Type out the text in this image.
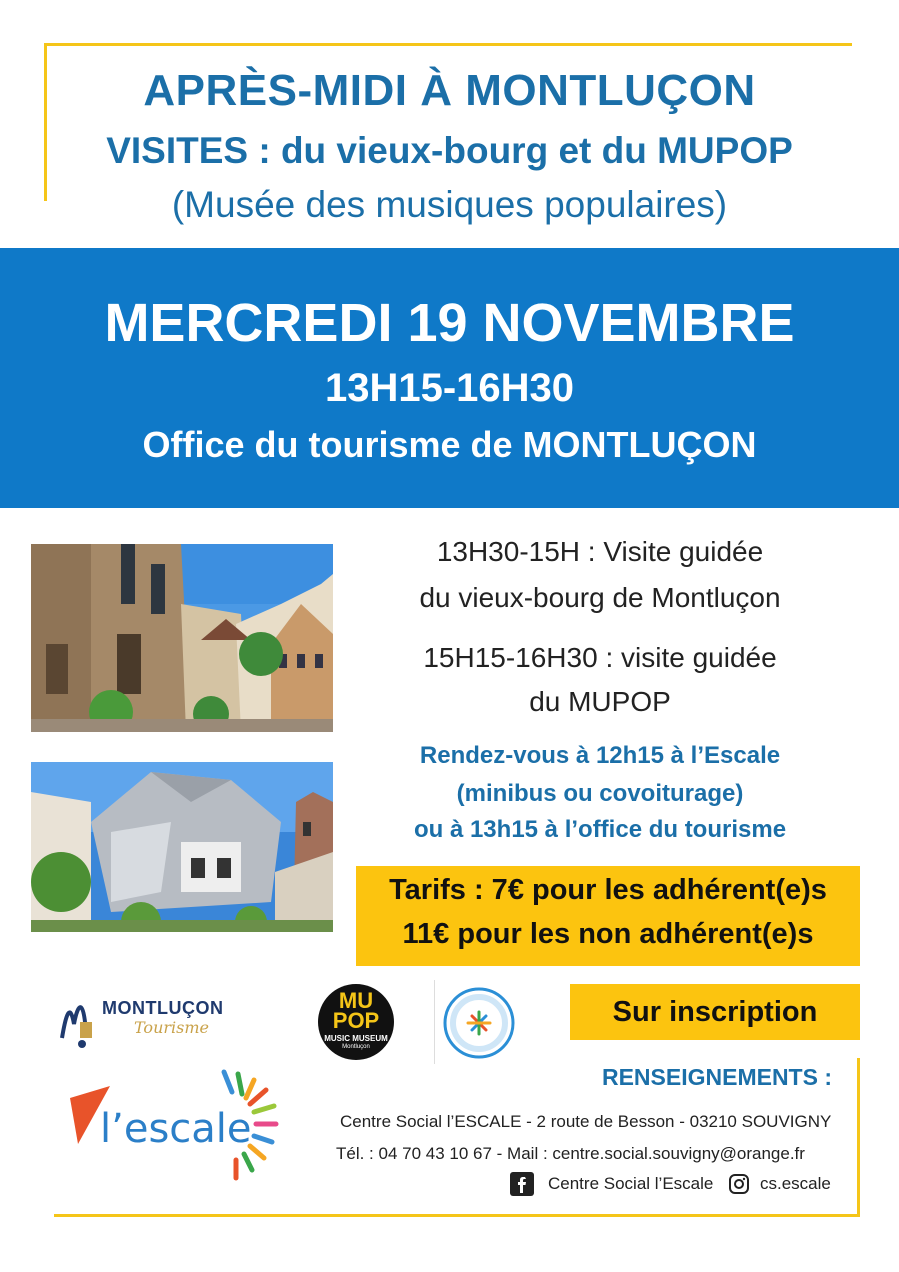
APRÈS-MIDI À MONTLUÇON
VISITES : du vieux-bourg et du MUPOP
(Musée des musiques populaires)
MERCREDI 19 NOVEMBRE
13H15-16H30
Office du tourisme de MONTLUÇON
13H30-15H : Visite guidée
du vieux-bourg de Montluçon
15H15-16H30 : visite guidée
du MUPOP
Rendez-vous à 12h15 à l’Escale
(minibus ou covoiturage)
ou à 13h15 à l’office du tourisme
Tarifs : 7€ pour les adhérent(e)s
11€ pour les non adhérent(e)s
MONTLUÇON
Tourisme
MU
POP
MUSIC MUSEUM
Montluçon
Sur inscription
l’escale
RENSEIGNEMENTS :
Centre Social l’ESCALE - 2 route de Besson - 03210 SOUVIGNY
Tél. : 04 70 43 10 67 - Mail : centre.social.souvigny@orange.fr
Centre Social l’Escale	cs.escale
